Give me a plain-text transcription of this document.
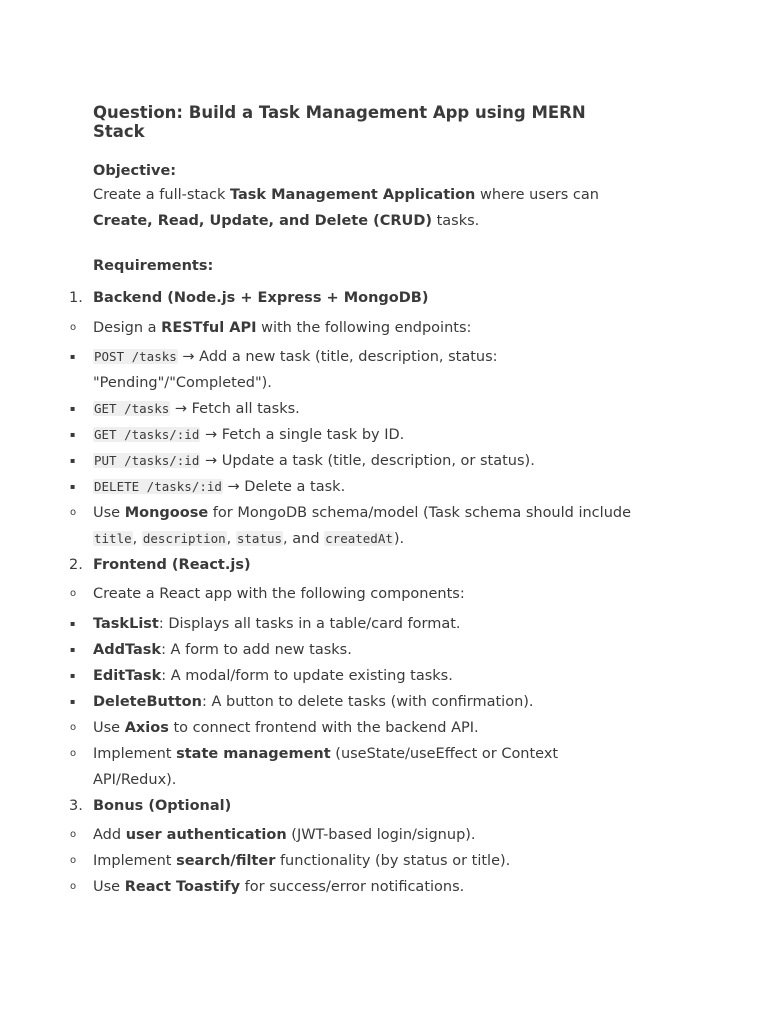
Question: Build a Task Management App using MERN Stack
Objective:
Create a full-stack Task Management Application where users can Create, Read, Update, and Delete (CRUD) tasks.
Requirements:
1. Backend (Node.js + Express + MongoDB)
o Design a RESTful API with the following endpoints:
▪ POST /tasks → Add a new task (title, description, status: "Pending"/"Completed").
▪ GET /tasks → Fetch all tasks.
▪ GET /tasks/:id → Fetch a single task by ID.
▪ PUT /tasks/:id → Update a task (title, description, or status).
▪ DELETE /tasks/:id → Delete a task.
o Use Mongoose for MongoDB schema/model (Task schema should include title, description, status, and createdAt).
2. Frontend (React.js)
o Create a React app with the following components:
▪ TaskList: Displays all tasks in a table/card format.
▪ AddTask: A form to add new tasks.
▪ EditTask: A modal/form to update existing tasks.
▪ DeleteButton: A button to delete tasks (with confirmation).
o Use Axios to connect frontend with the backend API.
o Implement state management (useState/useEffect or Context API/Redux).
3. Bonus (Optional)
o Add user authentication (JWT-based login/signup).
o Implement search/filter functionality (by status or title).
o Use React Toastify for success/error notifications.
